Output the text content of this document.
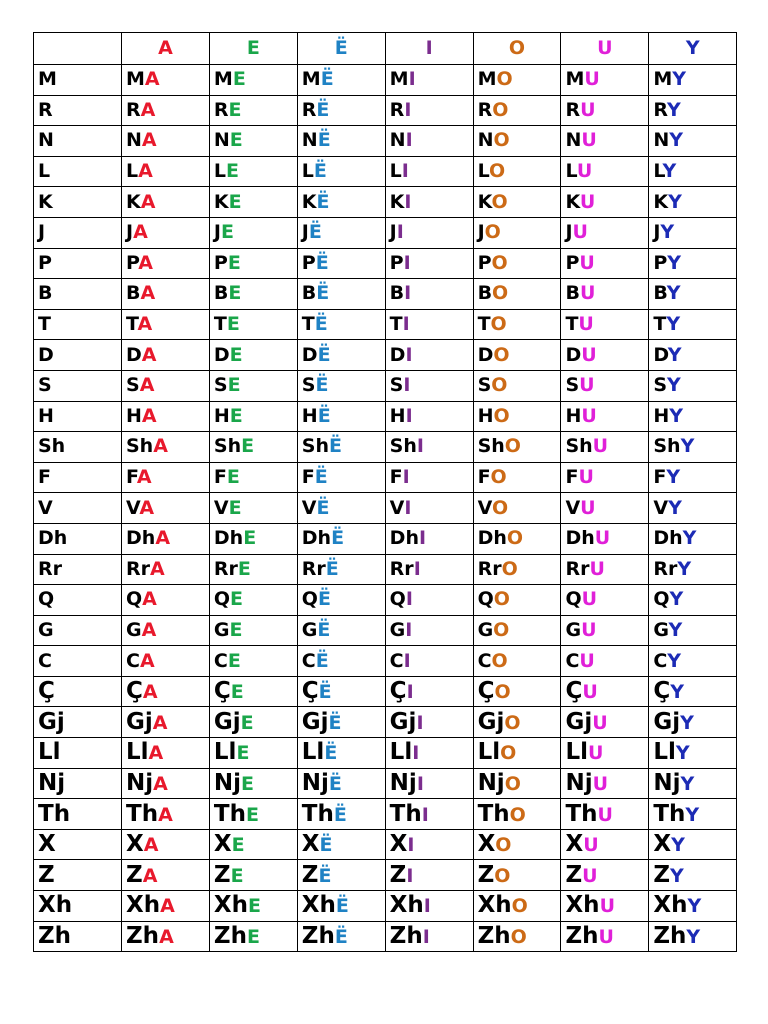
	A	E	Ë	I	O	U	Y
M	MA	ME	MË	MI	MO	MU	MY
R	RA	RE	RË	RI	RO	RU	RY
N	NA	NE	NË	NI	NO	NU	NY
L	LA	LE	LË	LI	LO	LU	LY
K	KA	KE	KË	KI	KO	KU	KY
J	JA	JE	JË	JI	JO	JU	JY
P	PA	PE	PË	PI	PO	PU	PY
B	BA	BE	BË	BI	BO	BU	BY
T	TA	TE	TË	TI	TO	TU	TY
D	DA	DE	DË	DI	DO	DU	DY
S	SA	SE	SË	SI	SO	SU	SY
H	HA	HE	HË	HI	HO	HU	HY
Sh	ShA	ShE	ShË	ShI	ShO	ShU	ShY
F	FA	FE	FË	FI	FO	FU	FY
V	VA	VE	VË	VI	VO	VU	VY
Dh	DhA	DhE	DhË	DhI	DhO	DhU	DhY
Rr	RrA	RrE	RrË	RrI	RrO	RrU	RrY
Q	QA	QE	QË	QI	QO	QU	QY
G	GA	GE	GË	GI	GO	GU	GY
C	CA	CE	CË	CI	CO	CU	CY
Ç	ÇA	ÇE	ÇË	ÇI	ÇO	ÇU	ÇY
Gj	GjA	GjE	GjË	GjI	GjO	GjU	GjY
Ll	LlA	LlE	LlË	LlI	LlO	LlU	LlY
Nj	NjA	NjE	NjË	NjI	NjO	NjU	NjY
Th	ThA	ThE	ThË	ThI	ThO	ThU	ThY
X	XA	XE	XË	XI	XO	XU	XY
Z	ZA	ZE	ZË	ZI	ZO	ZU	ZY
Xh	XhA	XhE	XhË	XhI	XhO	XhU	XhY
Zh	ZhA	ZhE	ZhË	ZhI	ZhO	ZhU	ZhY
